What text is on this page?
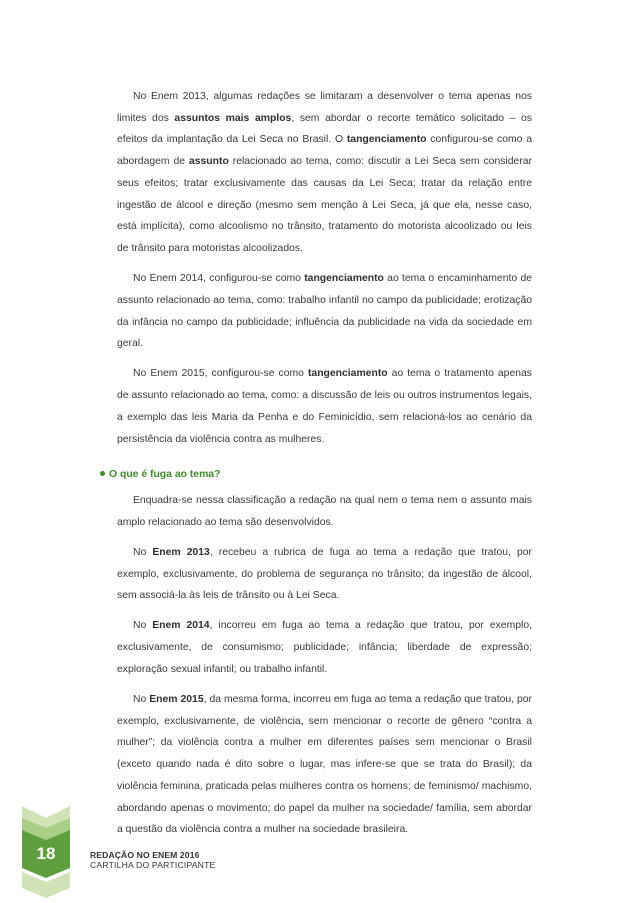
No Enem 2013, algumas redações se limitaram a desenvolver o tema apenas nos limites dos assuntos mais amplos, sem abordar o recorte temático solicitado – os efeitos da implantação da Lei Seca no Brasil. O tangenciamento configurou-se como a abordagem de assunto relacionado ao tema, como: discutir a Lei Seca sem considerar seus efeitos; tratar exclusivamente das causas da Lei Seca; tratar da relação entre ingestão de álcool e direção (mesmo sem menção à Lei Seca, já que ela, nesse caso, está implícita), como alcoolismo no trânsito, tratamento do motorista alcoolizado ou leis de trânsito para motoristas alcoolizados.

No Enem 2014, configurou-se como tangenciamento ao tema o encaminhamento de assunto relacionado ao tema, como: trabalho infantil no campo da publicidade; erotização da infância no campo da publicidade; influência da publicidade na vida da sociedade em geral.

No Enem 2015, configurou-se como tangenciamento ao tema o tratamento apenas de assunto relacionado ao tema, como: a discussão de leis ou outros instrumentos legais, a exemplo das leis Maria da Penha e do Feminicídio, sem relacioná-los ao cenário da persistência da violência contra as mulheres.

O que é fuga ao tema?

Enquadra-se nessa classificação a redação na qual nem o tema nem o assunto mais amplo relacionado ao tema são desenvolvidos.

No Enem 2013, recebeu a rubrica de fuga ao tema a redação que tratou, por exemplo, exclusivamente, do problema de segurança no trânsito; da ingestão de álcool, sem associá-la às leis de trânsito ou à Lei Seca.

No Enem 2014, incorreu em fuga ao tema a redação que tratou, por exemplo, exclusivamente, de consumismo; publicidade; infância; liberdade de expressão; exploração sexual infantil; ou trabalho infantil.

No Enem 2015, da mesma forma, incorreu em fuga ao tema a redação que tratou, por exemplo, exclusivamente, de violência, sem mencionar o recorte de gênero “contra a mulher”; da violência contra a mulher em diferentes países sem mencionar o Brasil (exceto quando nada é dito sobre o lugar, mas infere-se que se trata do Brasil); da violência feminina, praticada pelas mulheres contra os homens; de feminismo/ machismo, abordando apenas o movimento; do papel da mulher na sociedade/ família, sem abordar a questão da violência contra a mulher na sociedade brasileira.

18	REDAÇÃO NO ENEM 2016
CARTILHA DO PARTICIPANTE
